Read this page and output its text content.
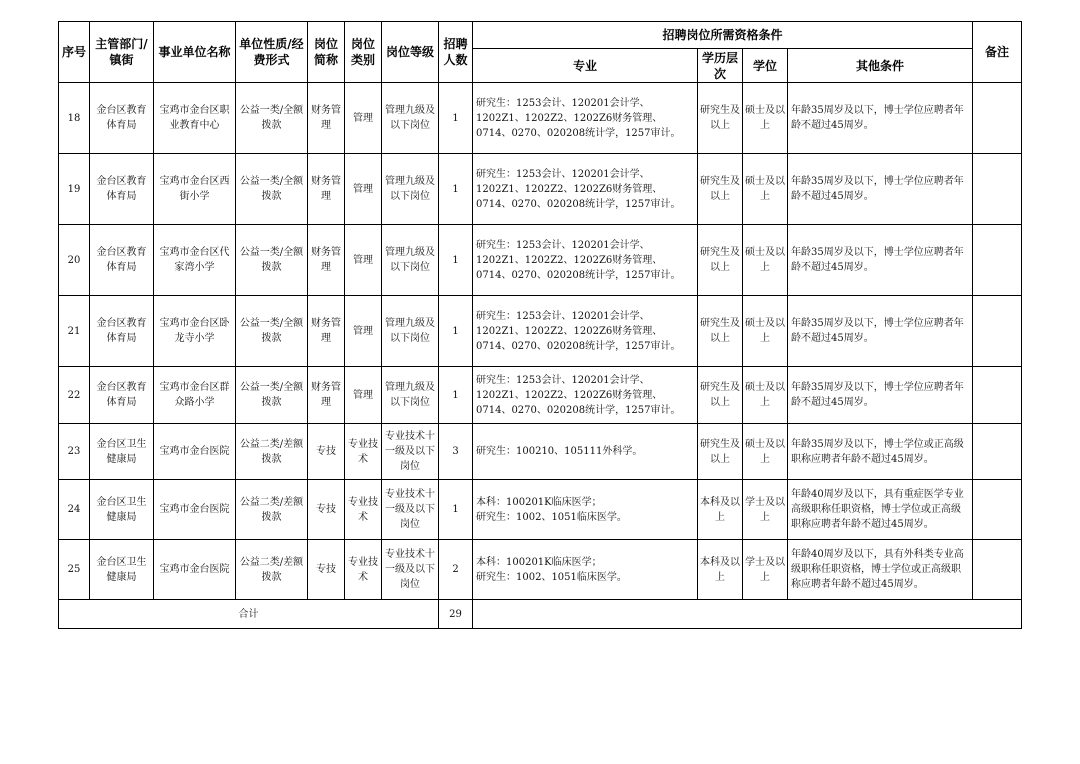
序号	主管部门/镇街	事业单位名称	单位性质/经费形式	岗位简称	岗位类别	岗位等级	招聘人数	招聘岗位所需资格条件				备注
								专业	学历层次	学位	其他条件	
18	金台区教育体育局	宝鸡市金台区职业教育中心	公益一类/全额拨款	财务管理	管理	管理九级及以下岗位	1	研究生：1253会计、120201会计学、1202Z1、1202Z2、1202Z6财务管理、0714、0270、020208统计学，1257审计。	研究生及以上	硕士及以上	年龄35周岁及以下，博士学位应聘者年龄不超过45周岁。	
19	金台区教育体育局	宝鸡市金台区西街小学	公益一类/全额拨款	财务管理	管理	管理九级及以下岗位	1	研究生：1253会计、120201会计学、1202Z1、1202Z2、1202Z6财务管理、0714、0270、020208统计学，1257审计。	研究生及以上	硕士及以上	年龄35周岁及以下，博士学位应聘者年龄不超过45周岁。	
20	金台区教育体育局	宝鸡市金台区代家湾小学	公益一类/全额拨款	财务管理	管理	管理九级及以下岗位	1	研究生：1253会计、120201会计学、1202Z1、1202Z2、1202Z6财务管理、0714、0270、020208统计学，1257审计。	研究生及以上	硕士及以上	年龄35周岁及以下，博士学位应聘者年龄不超过45周岁。	
21	金台区教育体育局	宝鸡市金台区卧龙寺小学	公益一类/全额拨款	财务管理	管理	管理九级及以下岗位	1	研究生：1253会计、120201会计学、1202Z1、1202Z2、1202Z6财务管理、0714、0270、020208统计学，1257审计。	研究生及以上	硕士及以上	年龄35周岁及以下，博士学位应聘者年龄不超过45周岁。	
22	金台区教育体育局	宝鸡市金台区群众路小学	公益一类/全额拨款	财务管理	管理	管理九级及以下岗位	1	研究生：1253会计、120201会计学、1202Z1、1202Z2、1202Z6财务管理、0714、0270、020208统计学，1257审计。	研究生及以上	硕士及以上	年龄35周岁及以下，博士学位应聘者年龄不超过45周岁。	
23	金台区卫生健康局	宝鸡市金台医院	公益二类/差额拨款	专技	专业技术	专业技术十一级及以下岗位	3	研究生：100210、105111外科学。	研究生及以上	硕士及以上	年龄35周岁及以下，博士学位或正高级职称应聘者年龄不超过45周岁。	
24	金台区卫生健康局	宝鸡市金台医院	公益二类/差额拨款	专技	专业技术	专业技术十一级及以下岗位	1	本科：100201K临床医学；
研究生：1002、1051临床医学。	本科及以上	学士及以上	年龄40周岁及以下，具有重症医学专业高级职称任职资格，博士学位或正高级职称应聘者年龄不超过45周岁。	
25	金台区卫生健康局	宝鸡市金台医院	公益二类/差额拨款	专技	专业技术	专业技术十一级及以下岗位	2	本科：100201K临床医学；
研究生：1002、1051临床医学。	本科及以上	学士及以上	年龄40周岁及以下，具有外科类专业高级职称任职资格，博士学位或正高级职称应聘者年龄不超过45周岁。	
合计							29					
